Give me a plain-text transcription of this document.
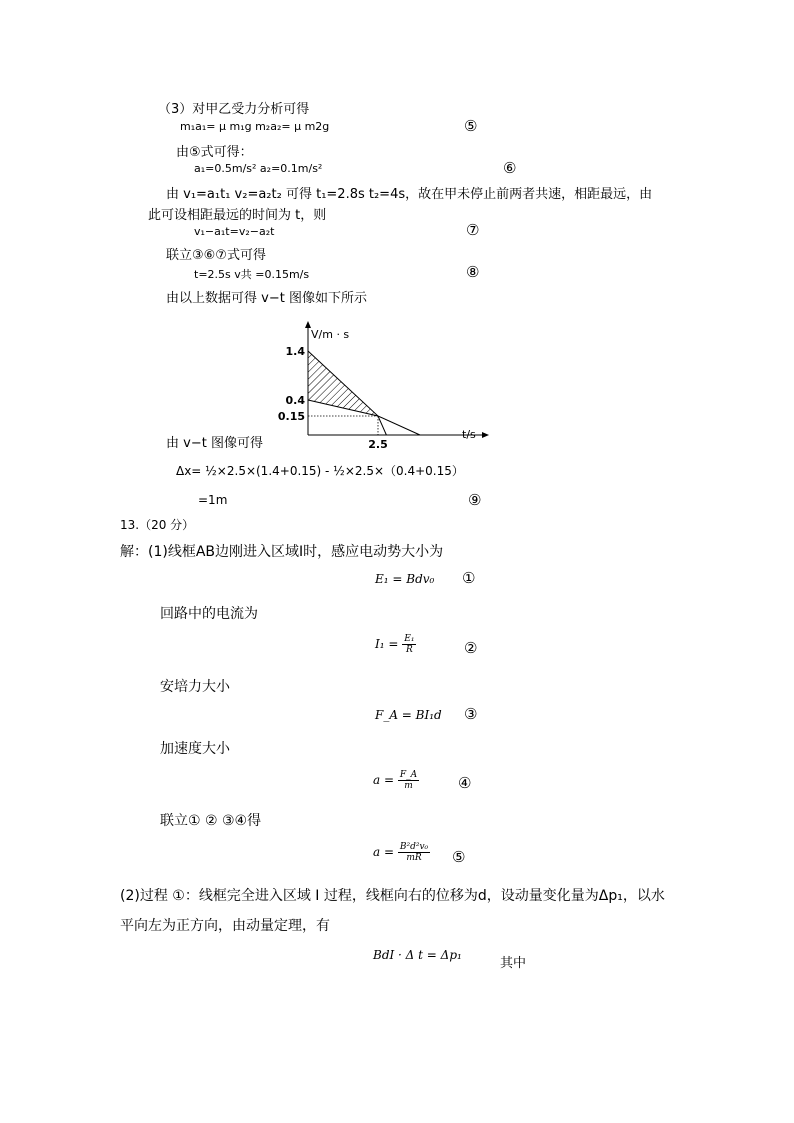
（3）对甲乙受力分析可得
m₁a₁= μ m₁g m₂a₂= μ m2g	⑤
由⑤式可得：
a₁=0.5m/s² a₂=0.1m/s²	⑥
由 v₁=a₁t₁ v₂=a₂t₂ 可得 t₁=2.8s t₂=4s，故在甲未停止前两者共速，相距最远，由
此可设相距最远的时间为 t，则
v₁−a₁t=v₂−a₂t	⑦
联立③⑥⑦式可得
t=2.5s v共 =0.15m/s	⑧
由以上数据可得 v−t 图像如下所示
1.4
0.4
0.15
2.5
V/m · s
t/s
由 v−t 图像可得
Δx= ½×2.5×(1.4+0.15) - ½×2.5×（0.4+0.15）
=1m	⑨
13.（20 分）
解：(1)线框AB边刚进入区域I时，感应电动势大小为
E₁ = Bdv₀ ①
回路中的电流为
$I_1 = \frac{\text{E₁}}{R}$	②
安培力大小
F_A = BI₁d ③
加速度大小
$a = \frac{F\_A}{m}$	④
联立① ② ③④得
$a = \frac{\text{B²d²v₀}}{mR}$ ⑤
(2)过程 ①：线框完全进入区域 I 过程，线框向右的位移为d，设动量变化量为Δp₁，以水
平向左为正方向，由动量定理，有
BdI · Δ t = Δp₁
其中
